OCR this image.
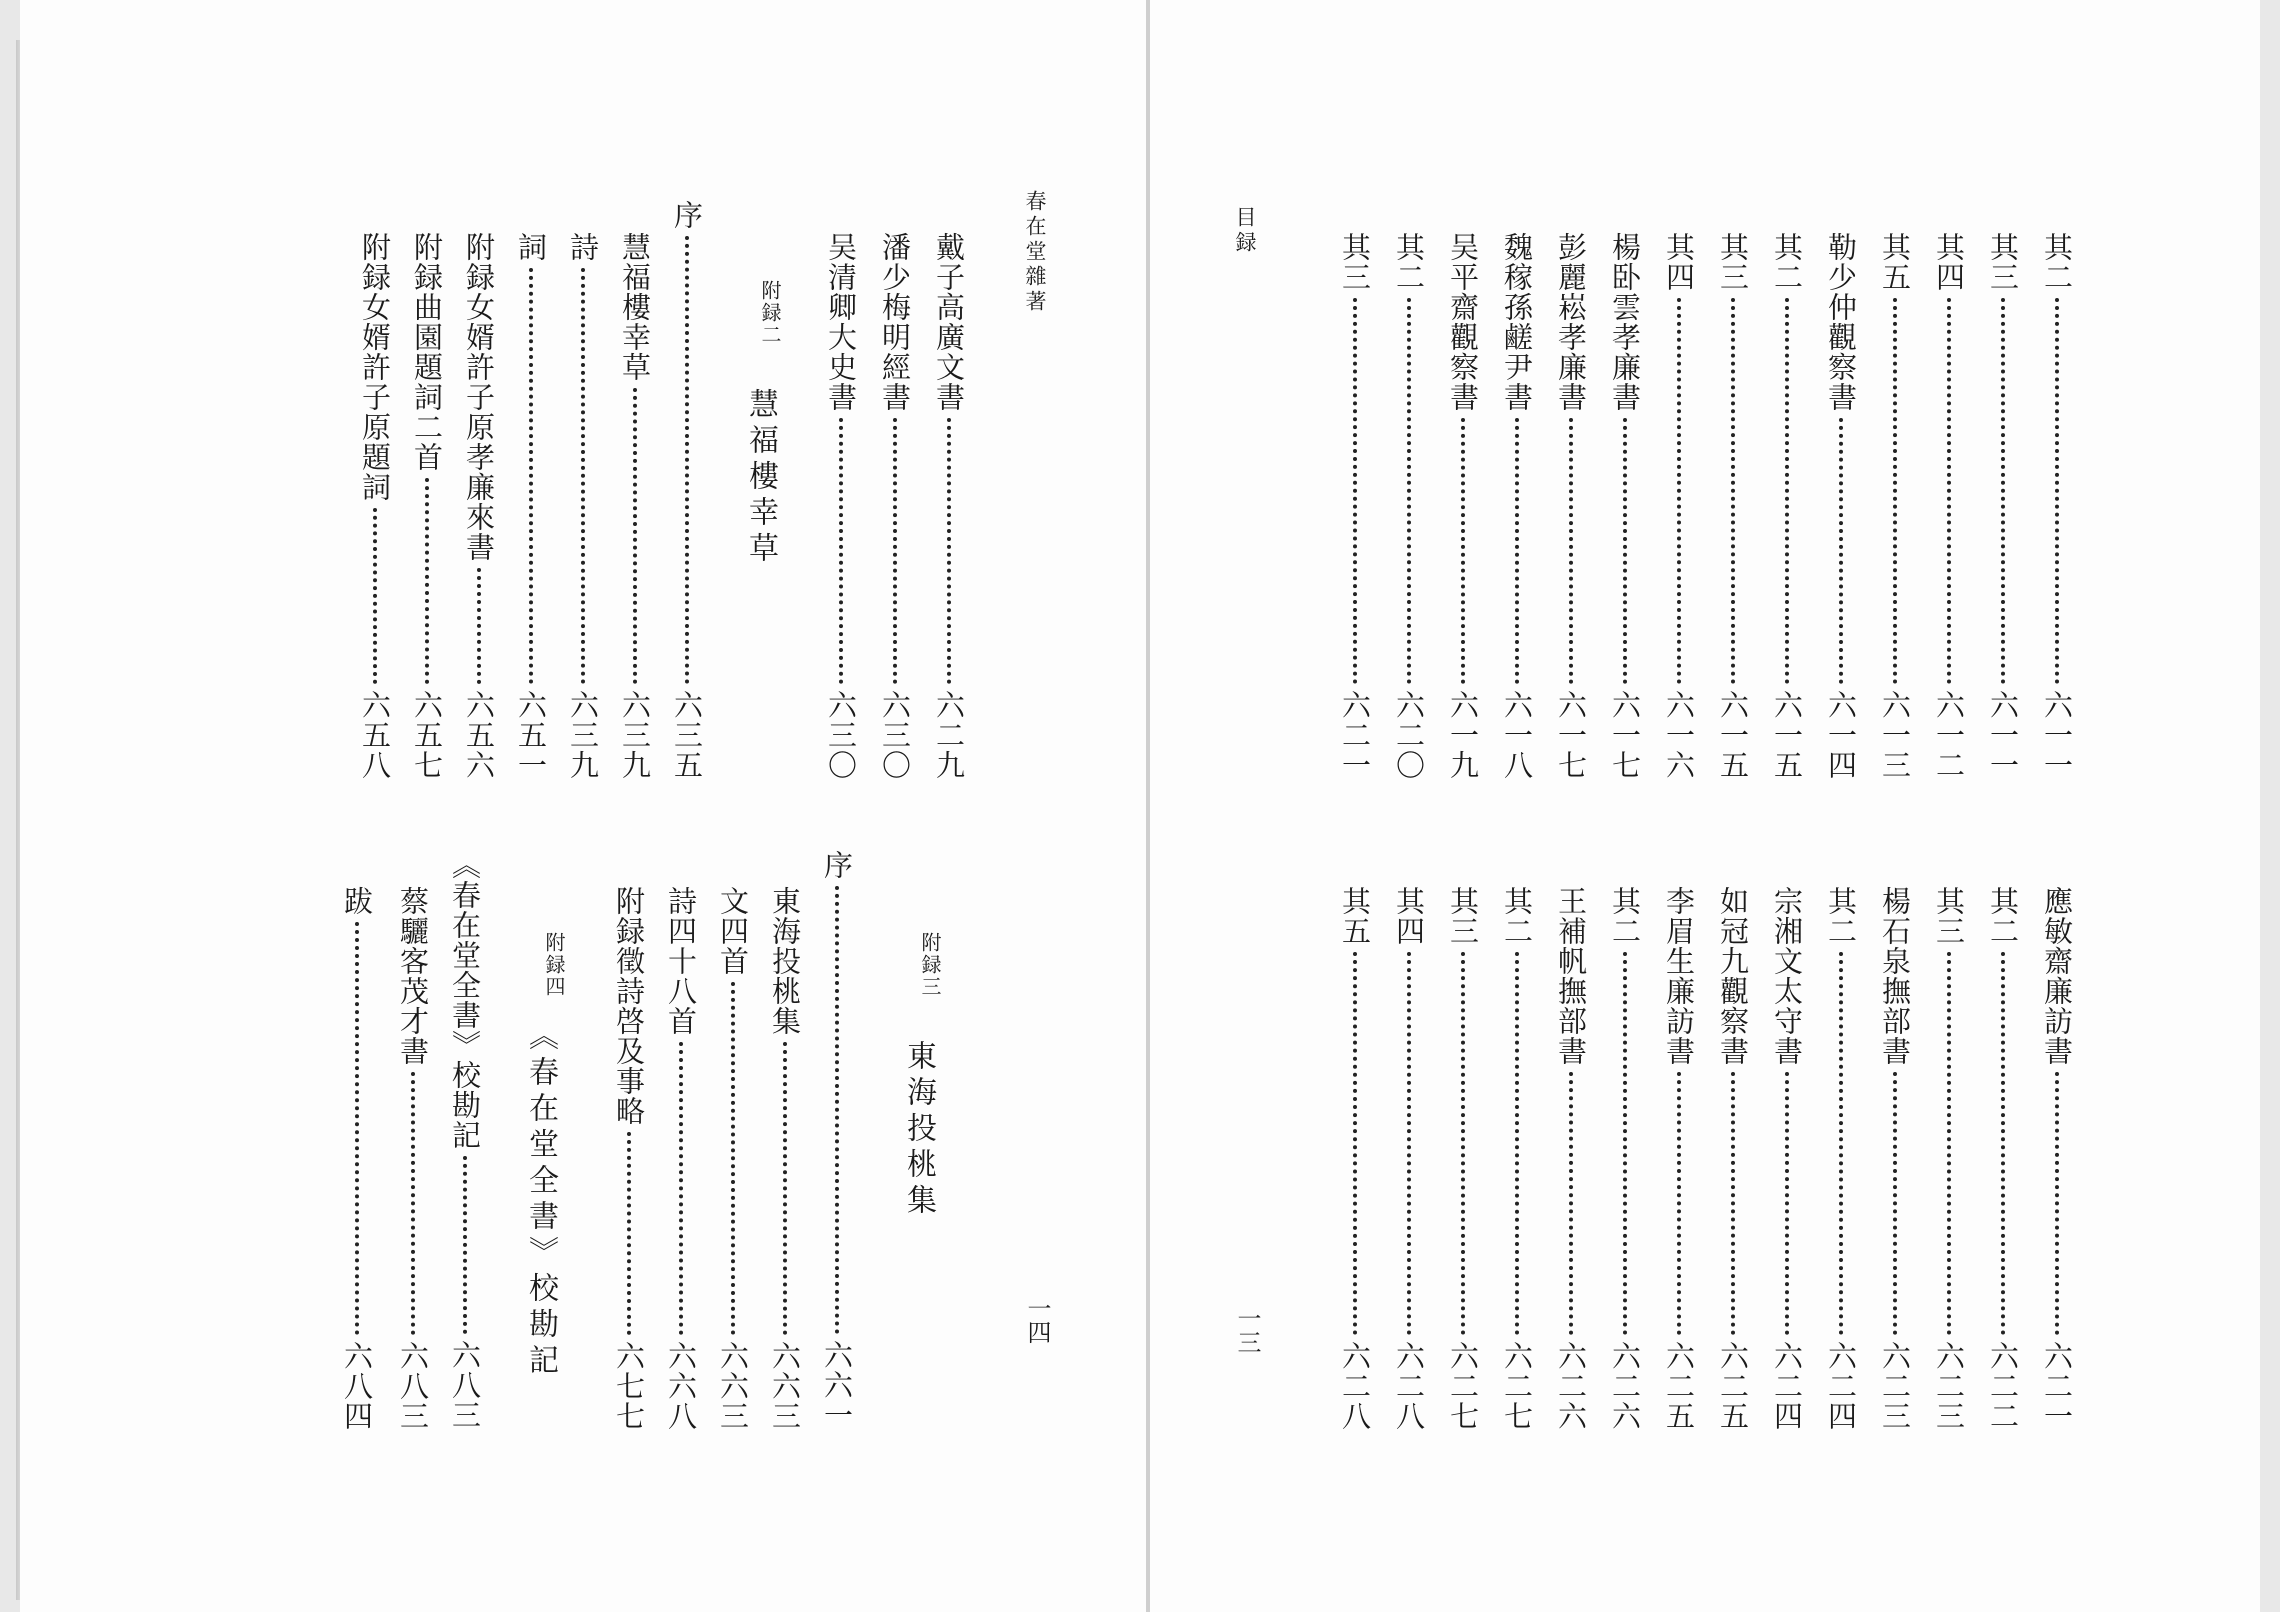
春在堂雜著
戴子高廣文書
六二九
潘少梅明經書
六三〇
吴清卿大史書
六三〇
附録二
慧福樓幸草
序
六三五
慧福樓幸草
六三九
詩
六三九
詞
六五一
附録女婿許子原孝廉來書
六五六
附録曲園題詞二首
六五七
附録女婿許子原題詞
六五八
附録三
東海投桃集
序
六六一
東海投桃集
六六三
文四首
六六三
詩四十八首
六六八
附録徵詩啓及事略
六七七
附録四
《春在堂全書》校勘記
《春在堂全書》校勘記
六八三
蔡驪客茂才書
六八三
跋
六八四
一四
目録
其二
六一一
其三
六一一
其四
六一二
其五
六一三
勒少仲觀察書
六一四
其二
六一五
其三
六一五
其四
六一六
楊卧雲孝廉書
六一七
彭麗崧孝廉書
六一七
魏稼孫鹺尹書
六一八
吴平齋觀察書
六一九
其二
六二〇
其三
六二一
應敏齋廉訪書
六二一
其二
六二二
其三
六二三
楊石泉撫部書
六二三
其二
六二四
宗湘文太守書
六二四
如冠九觀察書
六二五
李眉生廉訪書
六二五
其二
六二六
王補帆撫部書
六二六
其二
六二七
其三
六二七
其四
六二八
其五
六二八
一三
